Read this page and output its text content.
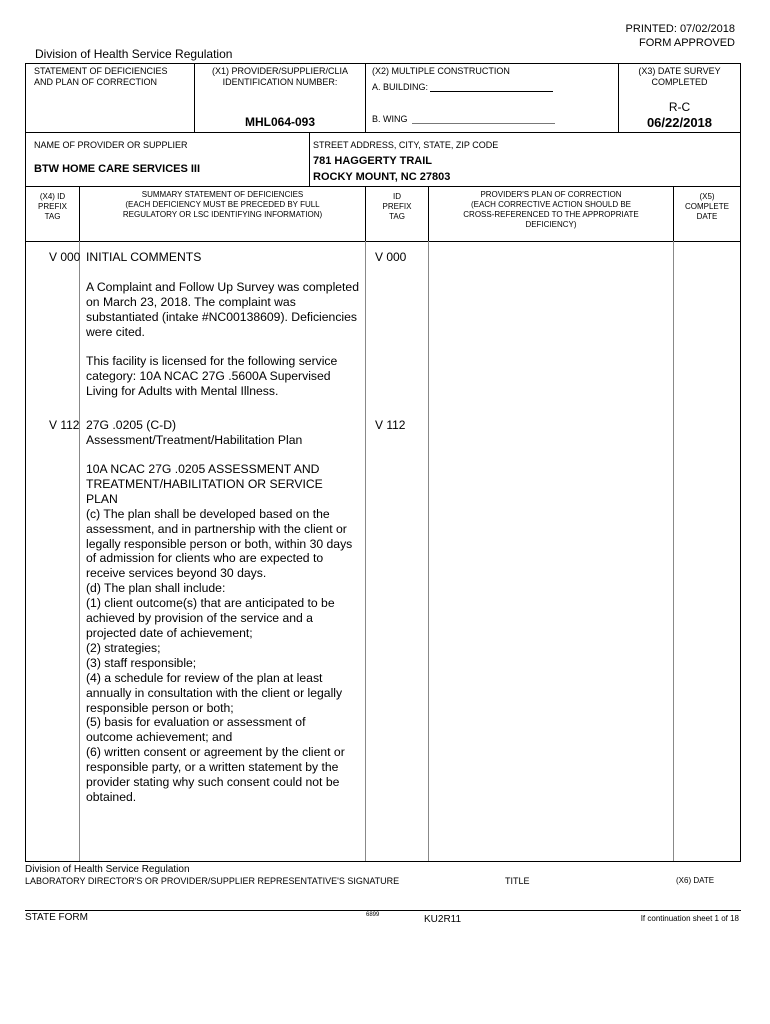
PRINTED: 07/02/2018
FORM APPROVED
Division of Health Service Regulation
STATEMENT OF DEFICIENCIES
AND PLAN OF CORRECTION
(X1) PROVIDER/SUPPLIER/CLIA
IDENTIFICATION NUMBER:
MHL064-093
(X2) MULTIPLE CONSTRUCTION
A. BUILDING:
B. WING
(X3) DATE SURVEY
COMPLETED
R-C
06/22/2018
NAME OF PROVIDER OR SUPPLIER
BTW HOME CARE SERVICES III
STREET ADDRESS, CITY, STATE, ZIP CODE
781 HAGGERTY TRAIL
ROCKY MOUNT, NC 27803
(X4) ID
PREFIX
TAG
SUMMARY STATEMENT OF DEFICIENCIES
(EACH DEFICIENCY MUST BE PRECEDED BY FULL
REGULATORY OR LSC IDENTIFYING INFORMATION)
ID
PREFIX
TAG
PROVIDER'S PLAN OF CORRECTION
(EACH CORRECTIVE ACTION SHOULD BE
CROSS-REFERENCED TO THE APPROPRIATE
DEFICIENCY)
(X5)
COMPLETE
DATE
V 000	V 000
INITIAL COMMENTS
A Complaint and Follow Up Survey was completed on March 23, 2018. The complaint was substantiated (intake #NC00138609). Deficiencies were cited.
This facility is licensed for the following service category: 10A NCAC 27G .5600A Supervised Living for Adults with Mental Illness.
V 112	V 112
27G .0205 (C-D)
Assessment/Treatment/Habilitation Plan

10A NCAC 27G .0205 ASSESSMENT AND

TREATMENT/HABILITATION OR SERVICE

PLAN

(c) The plan shall be developed based on the

assessment, and in partnership with the client or

legally responsible person or both, within 30 days

of admission for clients who are expected to

receive services beyond 30 days.

(d) The plan shall include:

(1) client outcome(s) that are anticipated to be

achieved by provision of the service and a

projected date of achievement;

(2) strategies;

(3) staff responsible;

(4) a schedule for review of the plan at least

annually in consultation with the client or legally

responsible person or both;

(5) basis for evaluation or assessment of

outcome achievement; and

(6) written consent or agreement by the client or

responsible party, or a written statement by the

provider stating why such consent could not be

obtained.

Division of Health Service Regulation
LABORATORY DIRECTOR'S OR PROVIDER/SUPPLIER REPRESENTATIVE'S SIGNATURE	TITLE	(X6) DATE
STATE FORM	6899	KU2R11	If continuation sheet 1 of 18
